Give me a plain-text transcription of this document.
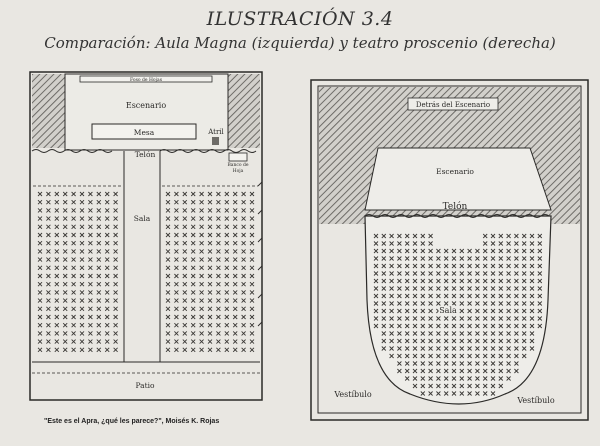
ILUSTRACIÓN 3.4
Comparación: Aula Magna (izquierda) y teatro proscenio (derecha)
Foso de Hojas
Escenario
Mesa	Atril
Banco de
Hoja
Telón
Sala
Patio
Detrás del Escenario
Escenario
Telón
Sala
Vestíbulo
Vestíbulo
"Este es el Apra, ¿qué les parece?", Moisés K. Rojas
